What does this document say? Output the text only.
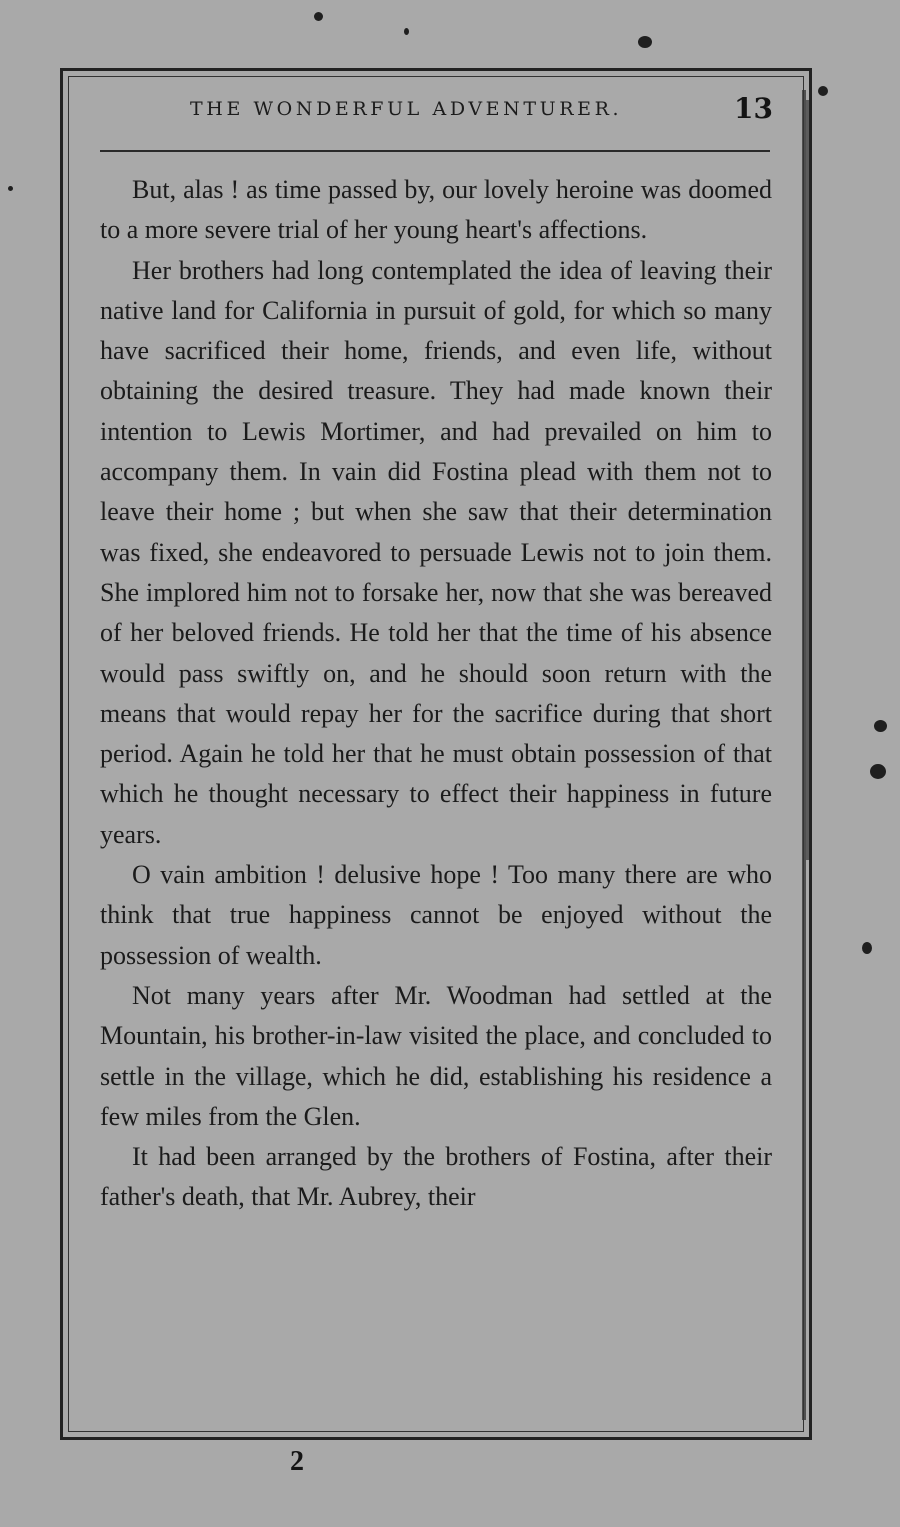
THE WONDERFUL ADVENTURER.	13

But, alas ! as time passed by, our lovely heroine was doomed to a more severe trial of her young heart's affections.

Her brothers had long contemplated the idea of leaving their native land for California in pursuit of gold, for which so many have sacrificed their home, friends, and even life, without obtaining the desired treasure. They had made known their intention to Lewis Mortimer, and had prevailed on him to accompany them. In vain did Fostina plead with them not to leave their home ; but when she saw that their determination was fixed, she endeavored to persuade Lewis not to join them. She implored him not to forsake her, now that she was bereaved of her beloved friends. He told her that the time of his absence would pass swiftly on, and he should soon return with the means that would repay her for the sacrifice during that short period. Again he told her that he must obtain possession of that which he thought necessary to effect their happiness in future years.

O vain ambition ! delusive hope ! Too many there are who think that true happiness cannot be enjoyed without the possession of wealth.

Not many years after Mr. Woodman had settled at the Mountain, his brother-in-law visited the place, and concluded to settle in the village, which he did, establishing his residence a few miles from the Glen.

It had been arranged by the brothers of Fostina, after their father's death, that Mr. Aubrey, their

2
